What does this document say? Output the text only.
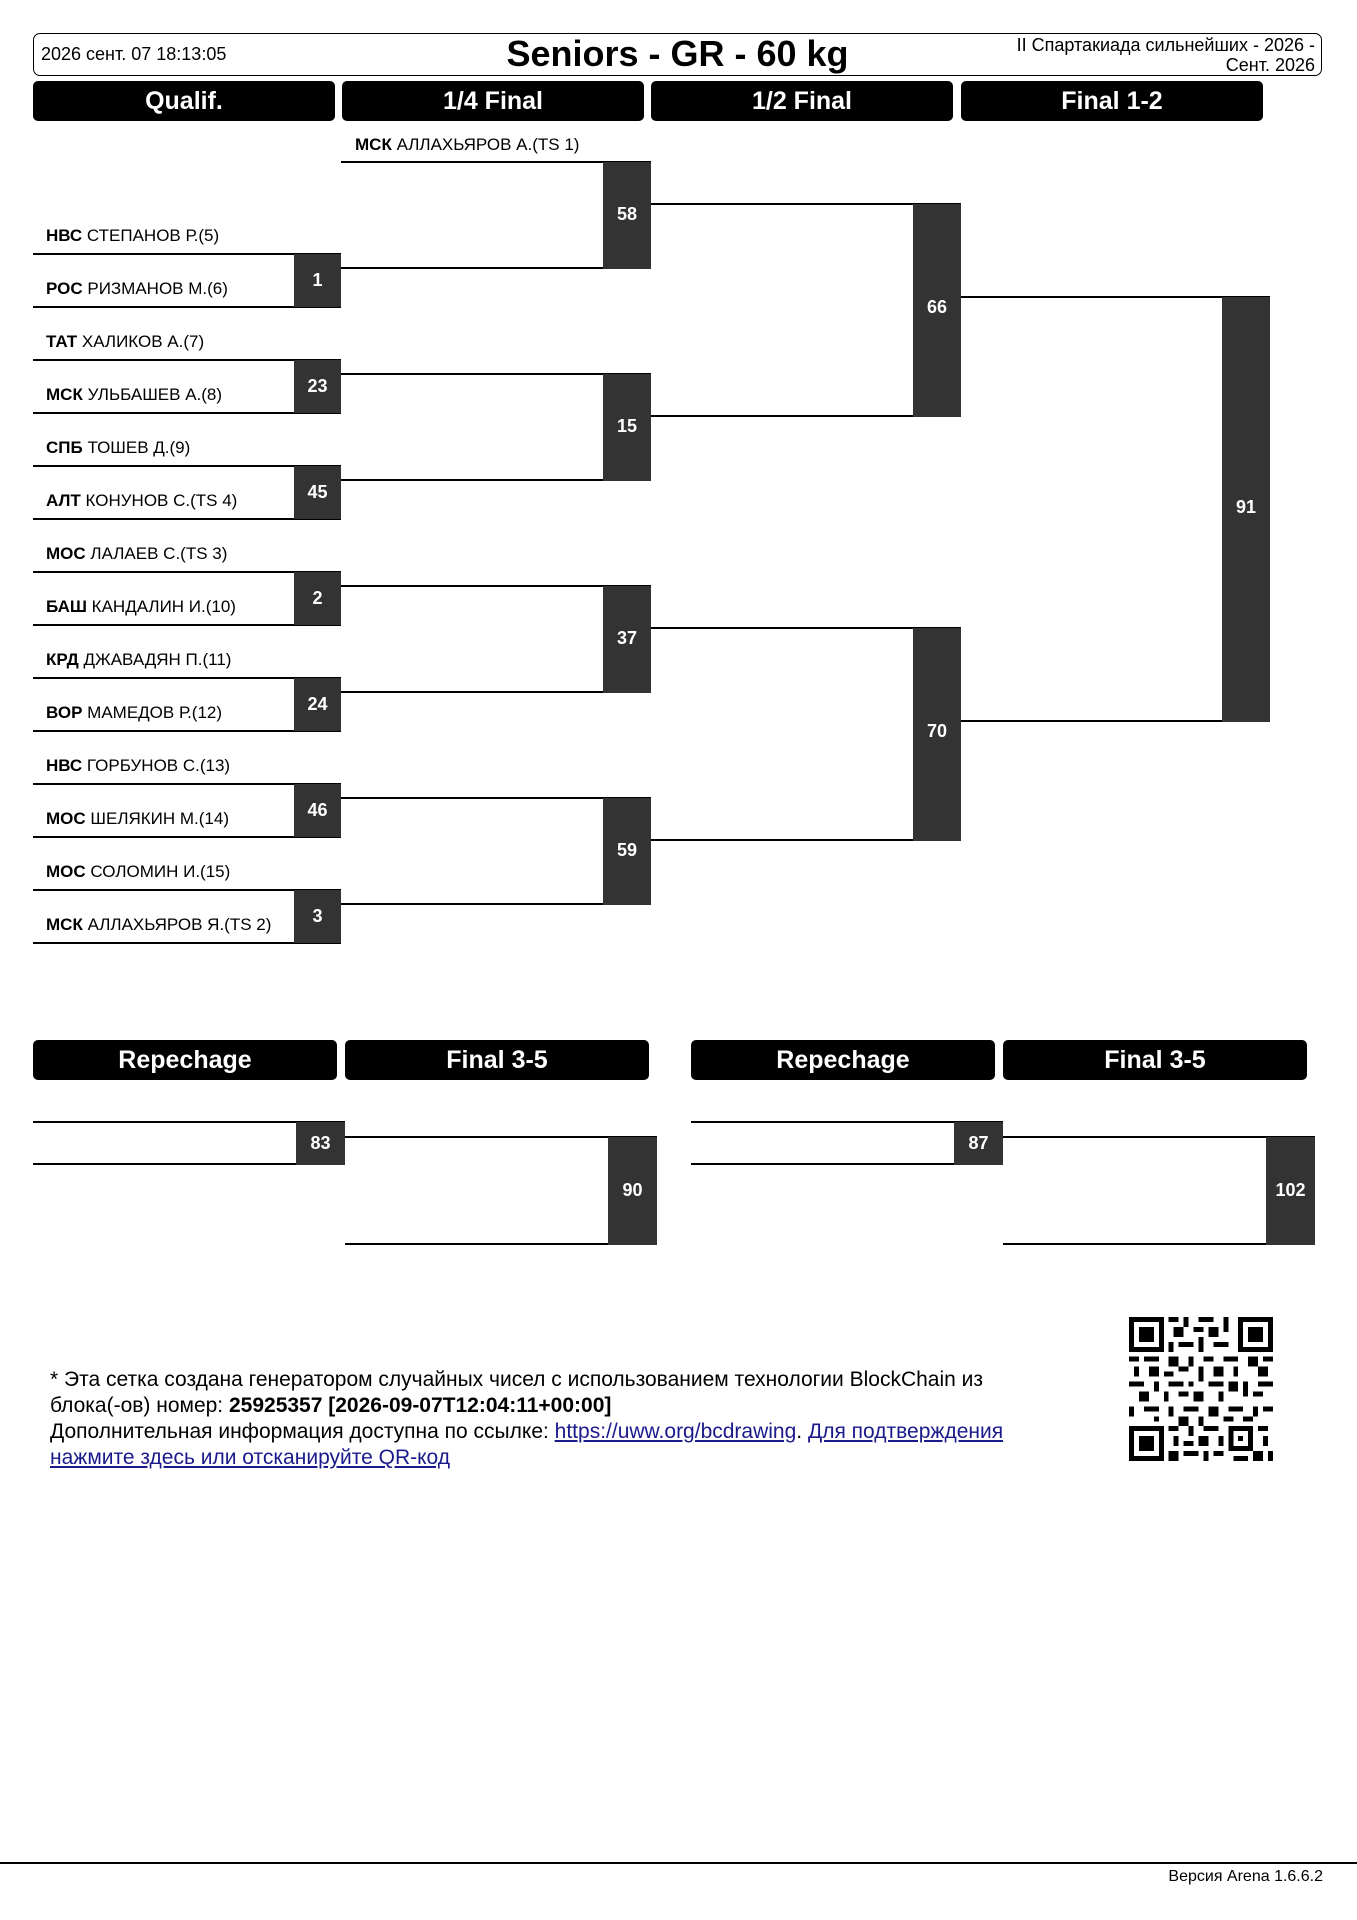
2026 сент. 07 18:13:05	Seniors - GR - 60 kg	II Спартакиада сильнейших - 2026 -
Сент. 2026
Qualif.	1/4 Final	1/2 Final	Final 1-2
МСК АЛЛАХЬЯРОВ А.(TS 1)
НВС СТЕПАНОВ Р.(5)
РОС РИЗМАНОВ М.(6)
ТАТ ХАЛИКОВ А.(7)
МСК УЛЬБАШЕВ А.(8)
СПБ ТОШЕВ Д.(9)
АЛТ КОНУНОВ С.(TS 4)
МОС ЛАЛАЕВ С.(TS 3)
БАШ КАНДАЛИН И.(10)
КРД ДЖАВАДЯН П.(11)
ВОР МАМЕДОВ Р.(12)
НВС ГОРБУНОВ С.(13)
МОС ШЕЛЯКИН М.(14)
МОС СОЛОМИН И.(15)
МСК АЛЛАХЬЯРОВ Я.(TS 2)
1
23
45
2
24
46
3
58
15
37
59
66
70
91
Repechage	Final 3-5	Repechage	Final 3-5
83
90
87
102
* Эта сетка создана генератором случайных чисел с использованием технологии BlockChain из
блока(-ов) номер: 25925357 [2026-09-07T12:04:11+00:00]
Дополнительная информация доступна по ссылке: https://uww.org/bcdrawing. Для подтверждения нажмите здесь или отсканируйте QR-код
Версия Arena 1.6.6.2
